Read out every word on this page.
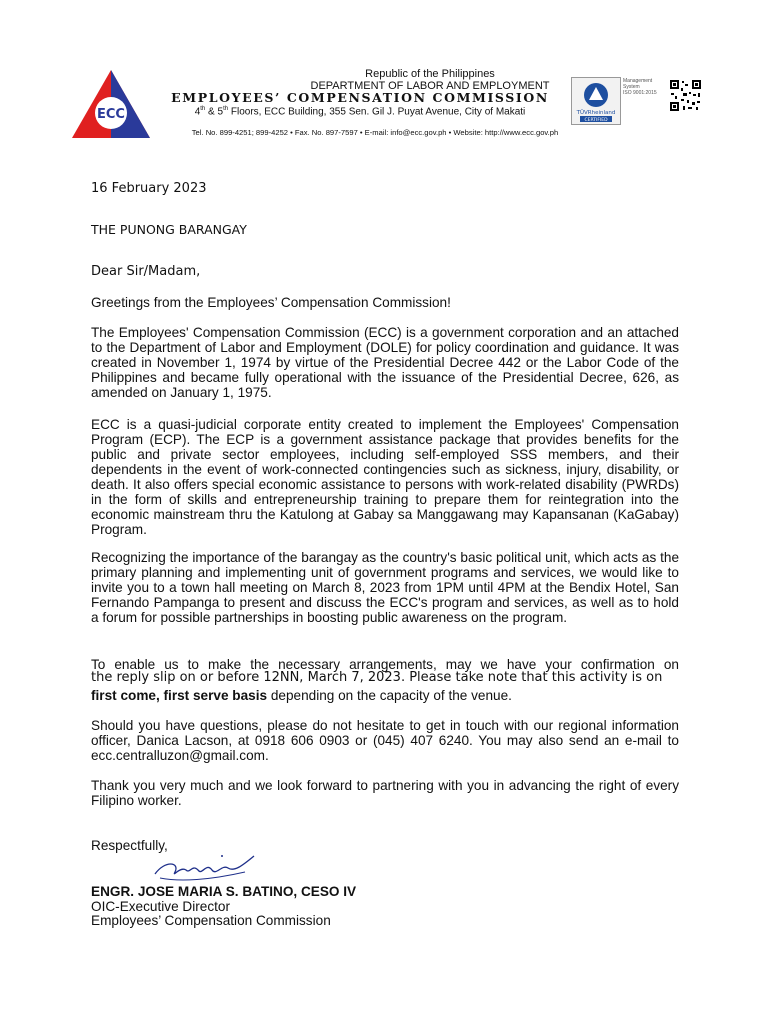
ECC
Republic of the Philippines
DEPARTMENT OF LABOR AND EMPLOYMENT
EMPLOYEES’ COMPENSATION COMMISSION
4th & 5th Floors, ECC Building, 355 Sen. Gil J. Puyat Avenue, City of Makati
Tel. No. 899-4251; 899-4252 • Fax. No. 897-7597 • E-mail: info@ecc.gov.ph • Website: http://www.ecc.gov.ph
TÜVRheinland
CERTIFIED
Management
System
ISO 9001:2015
16 February 2023
THE PUNONG BARANGAY
Dear Sir/Madam,
Greetings from the Employees’ Compensation Commission!

The Employees' Compensation Commission (ECC) is a government corporation and an attached to the Department of Labor and Employment (DOLE) for policy coordination and guidance. It was created in November 1, 1974 by virtue of the Presidential Decree 442 or the Labor Code of the Philippines and became fully operational with the issuance of the Presidential Decree, 626, as amended on January 1, 1975.

ECC is a quasi-judicial corporate entity created to implement the Employees' Compensation Program (ECP). The ECP is a government assistance package that provides benefits for the public and private sector employees, including self-employed SSS members, and their dependents in the event of work-connected contingencies such as sickness, injury, disability, or death. It also offers special economic assistance to persons with work-related disability (PWRDs) in the form of skills and entrepreneurship training to prepare them for reintegration into the economic mainstream thru the Katulong at Gabay sa Manggawang may Kapansanan (KaGabay) Program.

Recognizing the importance of the barangay as the country's basic political unit, which acts as the primary planning and implementing unit of government programs and services, we would like to invite you to a town hall meeting on March 8, 2023 from 1PM until 4PM at the Bendix Hotel, San Fernando Pampanga to present and discuss the ECC's program and services, as well as to hold a forum for possible partnerships in boosting public awareness on the program.

To enable us to make the necessary arrangements, may we have your confirmation on
the reply slip on or before 12NN, March 7, 2023. Please take note that this activity is on
first come, first serve basis depending on the capacity of the venue.

Should you have questions, please do not hesitate to get in touch with our regional information officer, Danica Lacson, at 0918 606 0903 or (045) 407 6240. You may also send an e-mail to ecc.centralluzon@gmail.com.

Thank you very much and we look forward to partnering with you in advancing the right of every Filipino worker.

Respectfully,
ENGR. JOSE MARIA S. BATINO, CESO IV
OIC-Executive Director
Employees’ Compensation Commission
